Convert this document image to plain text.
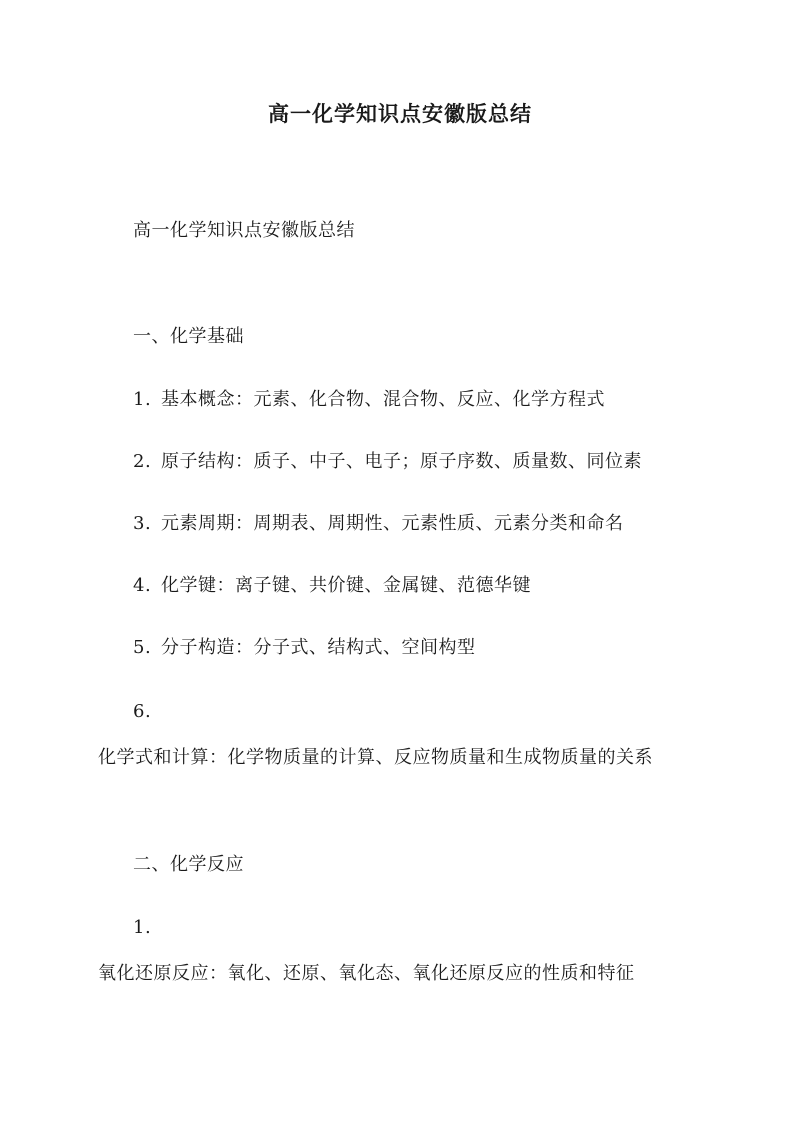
高一化学知识点安徽版总结
高一化学知识点安徽版总结
一、化学基础
1. 基本概念：元素、化合物、混合物、反应、化学方程式
2. 原子结构：质子、中子、电子；原子序数、质量数、同位素
3. 元素周期：周期表、周期性、元素性质、元素分类和命名
4. 化学键：离子键、共价键、金属键、范德华键
5. 分子构造：分子式、结构式、空间构型
6.
化学式和计算：化学物质量的计算、反应物质量和生成物质量的关系
二、化学反应
1.
氧化还原反应：氧化、还原、氧化态、氧化还原反应的性质和特征
